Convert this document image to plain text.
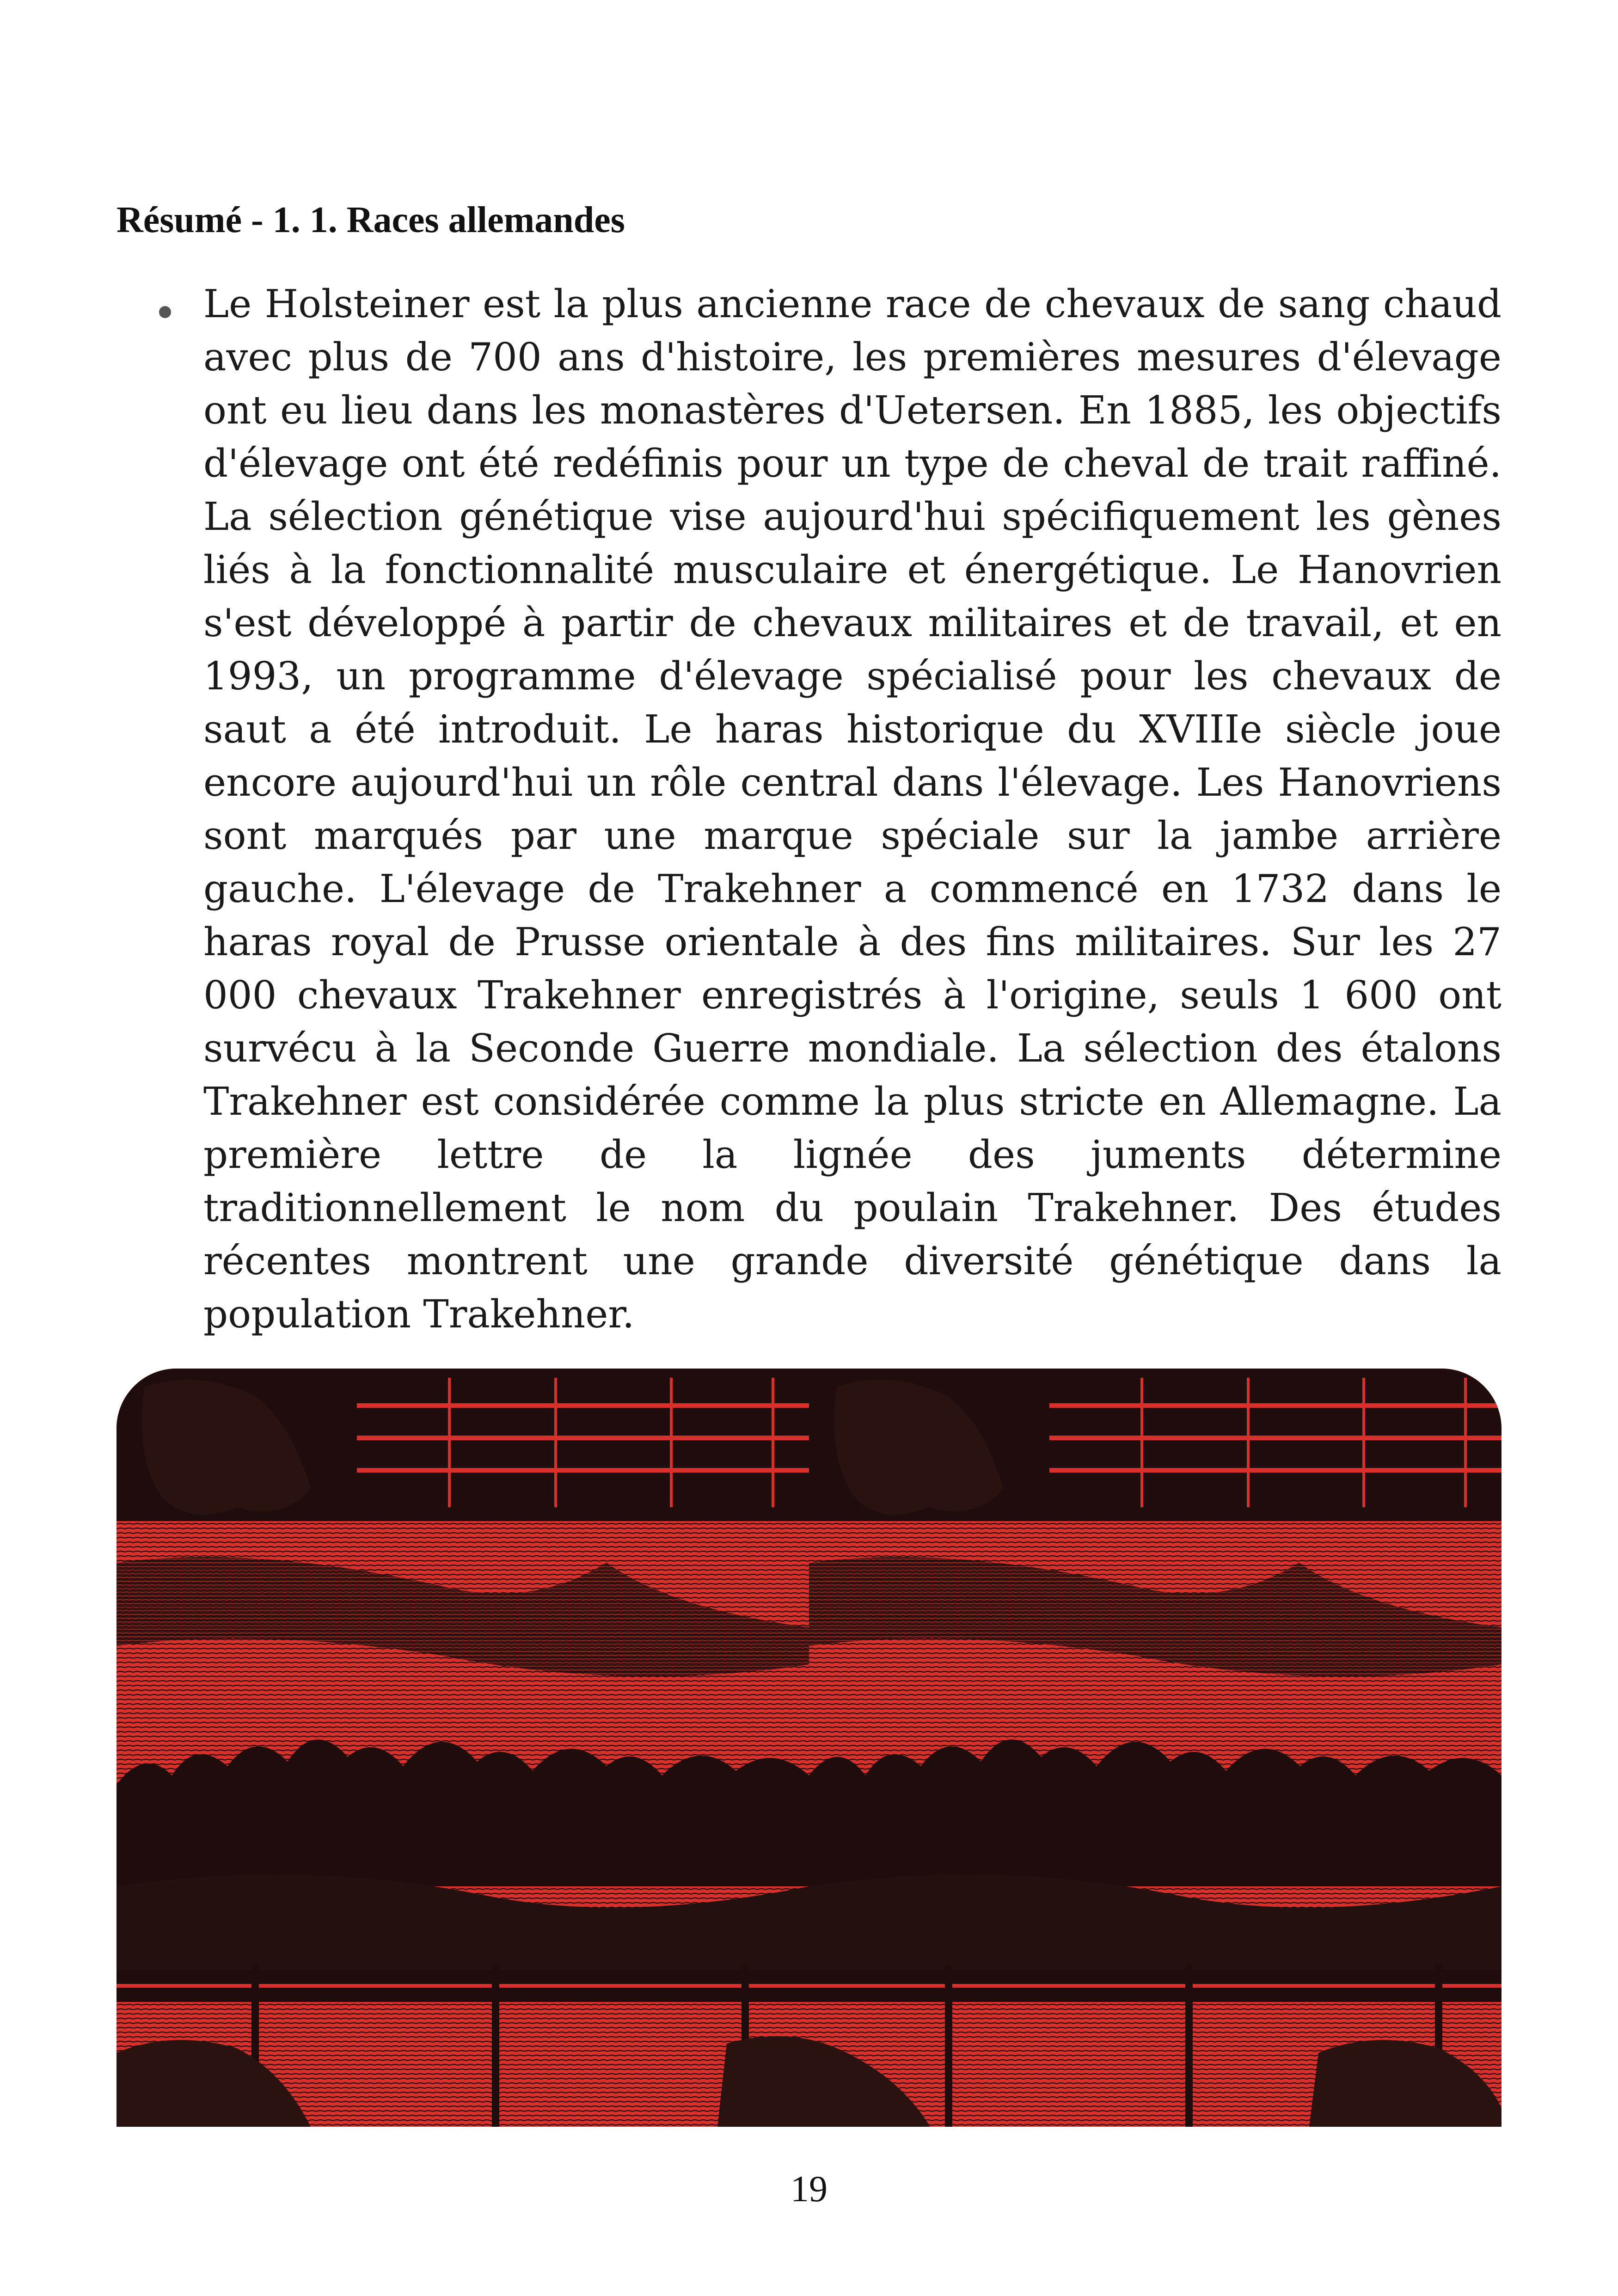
Résumé - 1. 1. Races allemandes

Le Holsteiner est la plus ancienne race de chevaux de sang chaud avec plus de 700 ans d'histoire, les premières mesures d'élevage ont eu lieu dans les monastères d'Uetersen. En 1885, les objectifs d'élevage ont été redéfinis pour un type de cheval de trait raffiné. La sélection génétique vise aujourd'hui spécifiquement les gènes liés à la fonctionnalité musculaire et énergétique. Le Hanovrien s'est développé à partir de chevaux militaires et de travail, et en 1993, un programme d'élevage spécialisé pour les chevaux de saut a été introduit. Le haras historique du XVIIIe siècle joue encore aujourd'hui un rôle central dans l'élevage. Les Hanovriens sont marqués par une marque spéciale sur la jambe arrière gauche. L'élevage de Trakehner a commencé en 1732 dans le haras royal de Prusse orientale à des fins militaires. Sur les 27 000 chevaux Trakehner enregistrés à l'origine, seuls 1 600 ont survécu à la Seconde Guerre mondiale. La sélection des étalons Trakehner est considérée comme la plus stricte en Allemagne. La première lettre de la lignée des juments détermine traditionnellement le nom du poulain Trakehner. Des études récentes montrent une grande diversité génétique dans la population Trakehner.

19
